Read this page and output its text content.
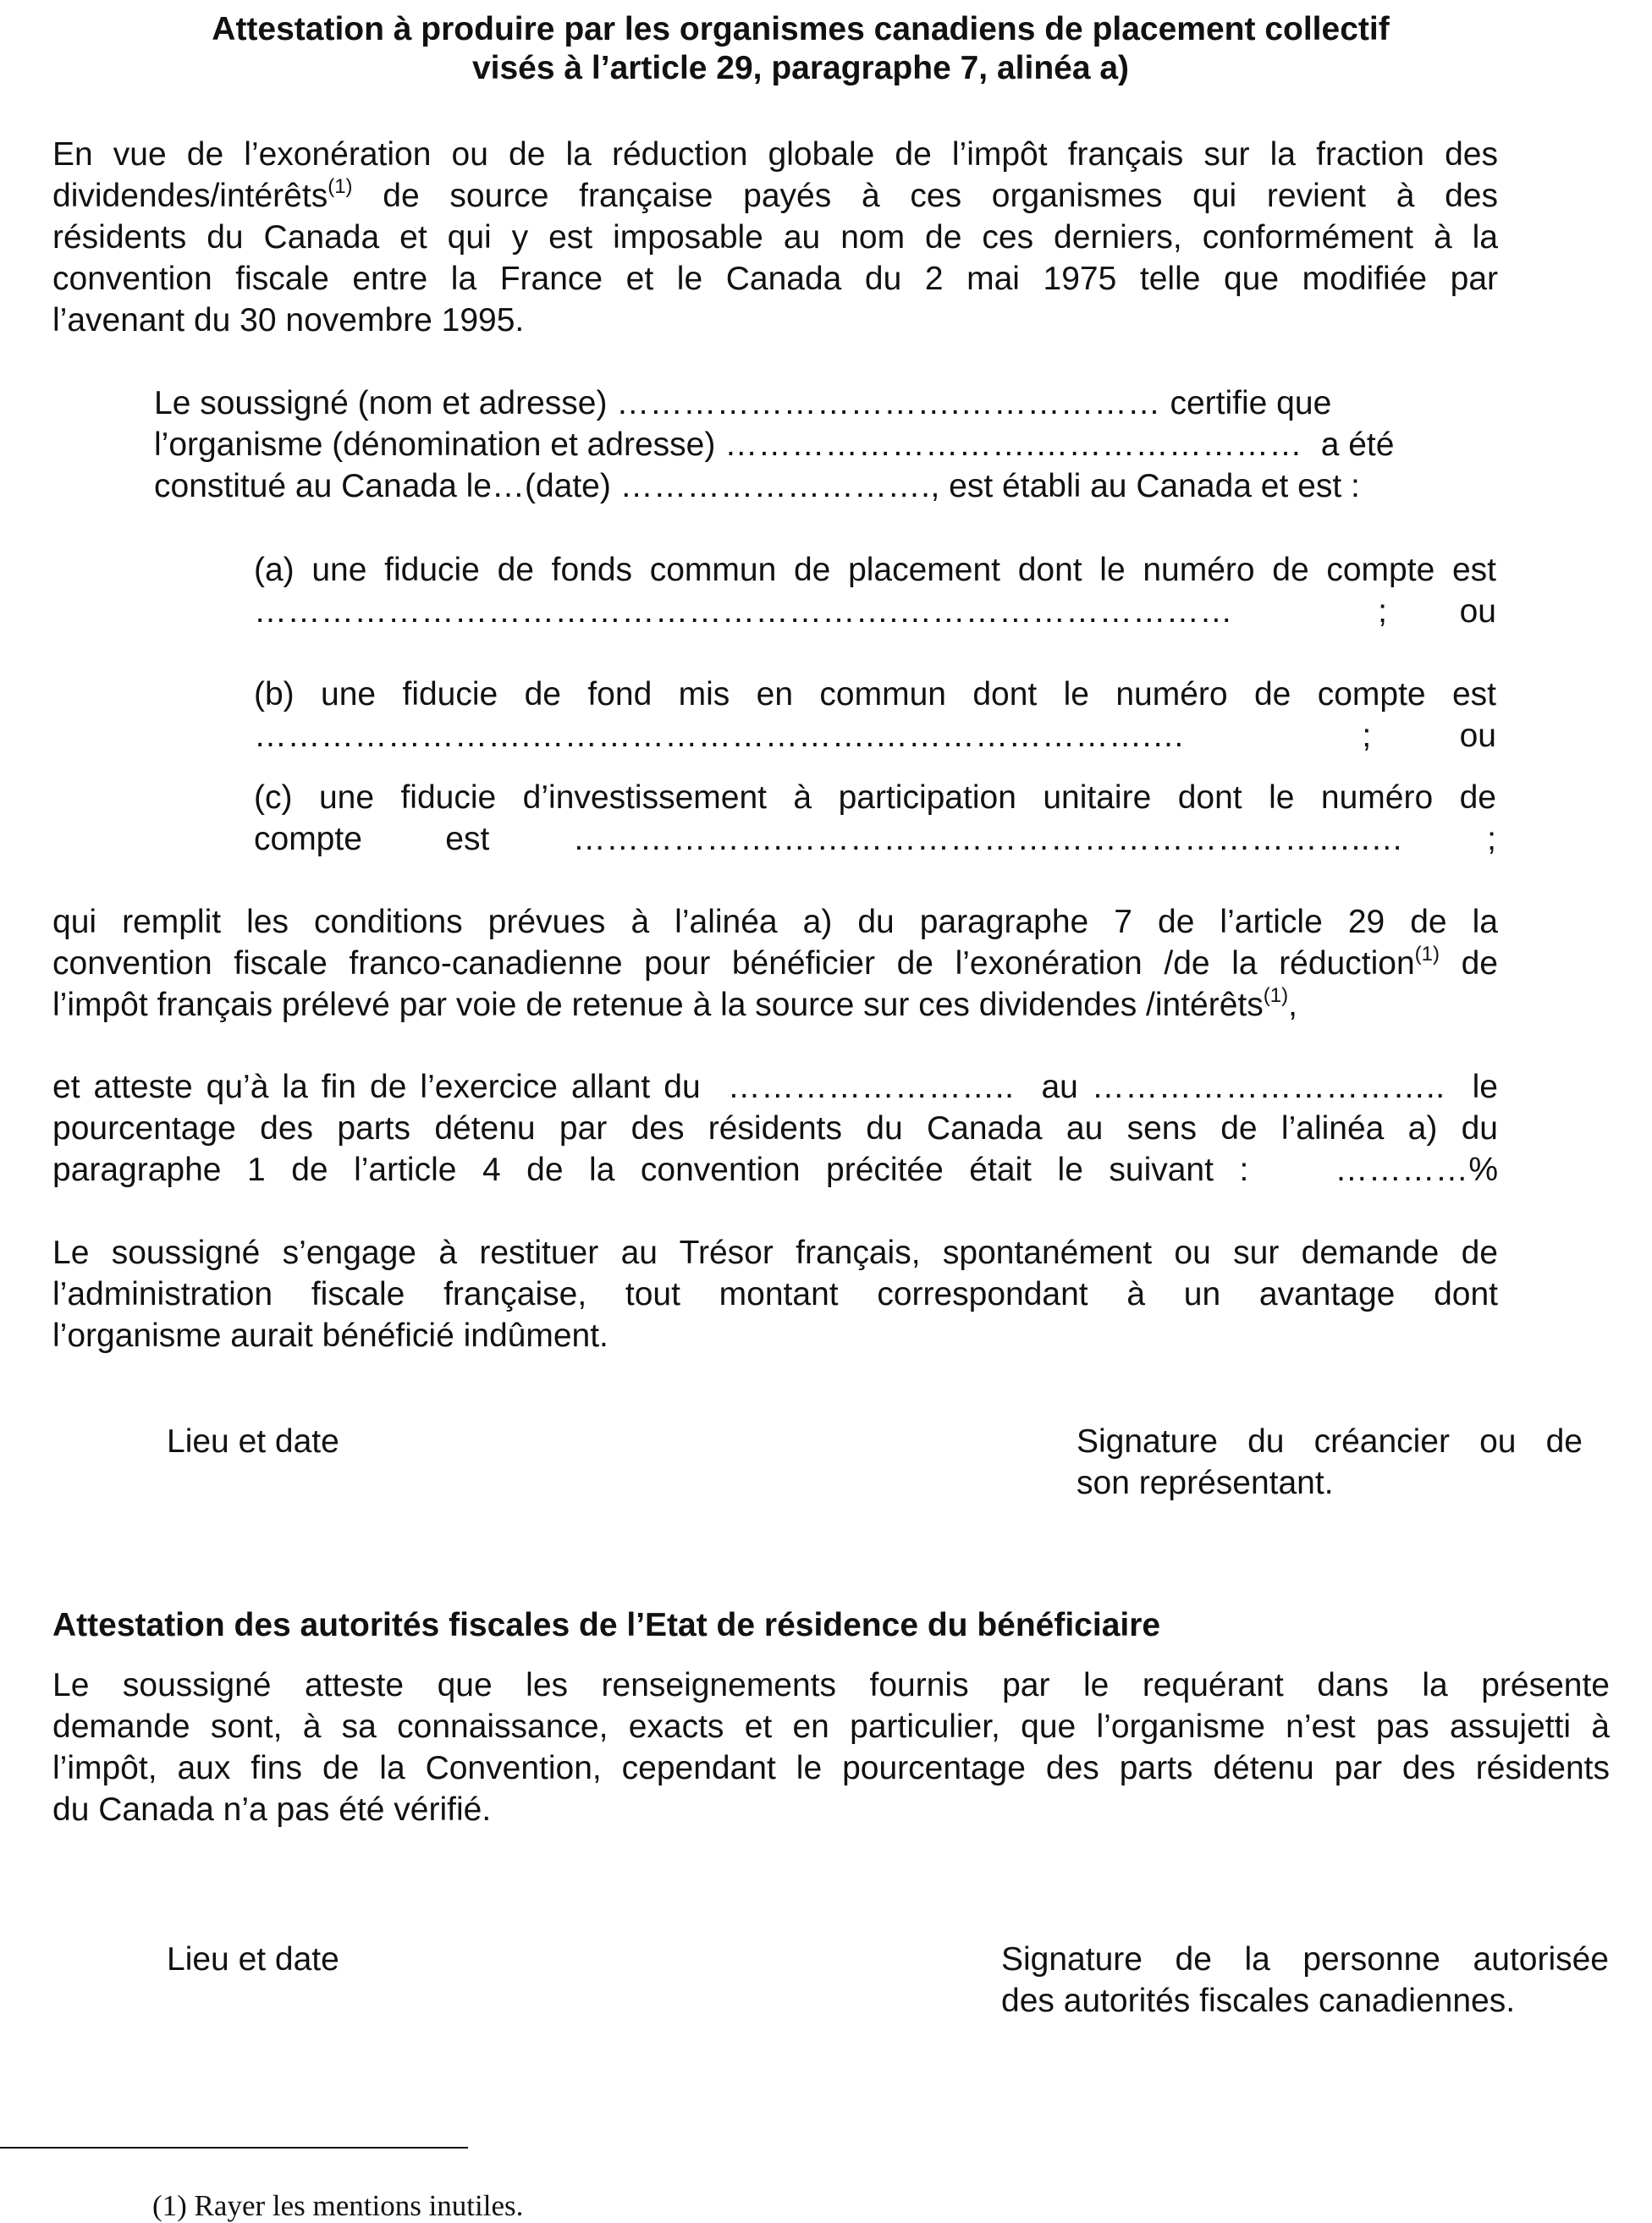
Attestation à produire par les organismes canadiens de placement collectif
visés à l’article 29, paragraphe 7, alinéa a)
En vue de l’exonération ou de la réduction globale de l’impôt français sur la fraction des
dividendes/intérêts$^{(1)}$ de source française payés à ces organismes qui revient à des
résidents du Canada et qui y est imposable au nom de ces derniers, conformément à la
convention fiscale entre la France et le Canada du 2 mai 1975 telle que modifiée par
l’avenant du 30 novembre 1995.
Le soussigné (nom et adresse) ………………………….……………… certifie que
l’organisme (dénomination et adresse) ……………………….……………………  a été
constitué au Canada le…(date) ………………………., est établi au Canada et est :
(a) une fiducie de fonds commun de placement dont le numéro de compte est
………………………………………………….…………………………  ; ou
(b) une fiducie de fond mis en commun dont le numéro de compte est
…………………….………………………….…………………….…	; ou
(c) une fiducie d’investissement à participation unitaire dont le numéro de
compte est ……………….……………………………………………..… ;
qui remplit les conditions prévues à l’alinéa a) du paragraphe 7 de l’article 29 de la
convention fiscale franco-canadienne pour bénéficier de l’exonération /de la réduction$^{(1)}$ de
l’impôt français prélevé par voie de retenue à la source sur ces dividendes /intérêts$^{(1)}$,
et atteste qu’à la fin de l’exercice allant du  ……………………..  au …………………………..  le
pourcentage des parts détenu par des résidents du Canada au sens de l’alinéa a) du
paragraphe 1 de l’article 4 de la convention précitée était le suivant :	…………%
Le soussigné s’engage à restituer au Trésor français, spontanément ou sur demande de
l’administration fiscale française, tout montant correspondant à un avantage dont
l’organisme aurait bénéficié indûment.
Lieu et date	Signature du créancier ou de
son représentant.
Attestation des autorités fiscales de l’Etat de résidence du bénéficiaire
Le soussigné atteste que les renseignements fournis par le requérant dans la présente
demande sont, à sa connaissance, exacts et en particulier, que l’organisme n’est pas assujetti à
l’impôt, aux fins de la Convention, cependant le pourcentage des parts détenu par des résidents
du Canada n’a pas été vérifié.
Lieu et date	Signature de la personne autorisée
des autorités fiscales canadiennes.
(1) Rayer les mentions inutiles.
